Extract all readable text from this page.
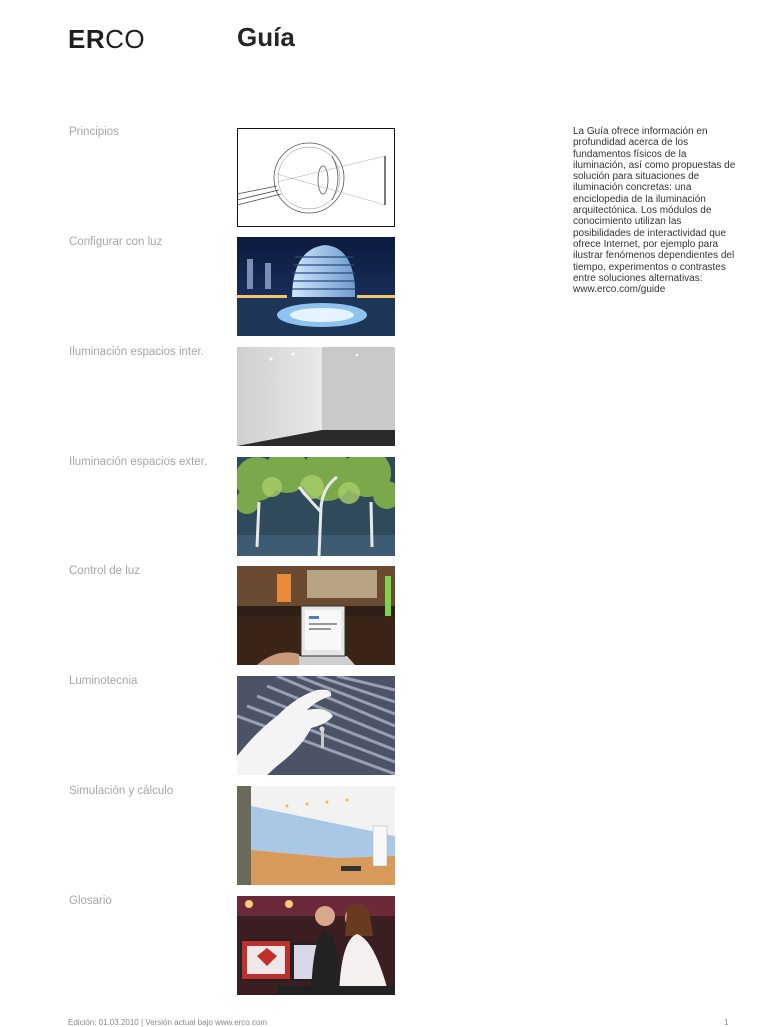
ERCO	Guía
La Guía ofrece información en profundidad acerca de los fundamentos físicos de la iluminación, así como propuestas de solución para situaciones de iluminación concretas: una enciclopedia de la iluminación arquitectónica. Los módulos de conocimiento utilizan las posibilidades de interactividad que ofrece Internet, por ejemplo para ilustrar fenómenos dependientes del tiempo, experimentos o contrastes entre soluciones alternativas: www.erco.com/guide
Principios
Configurar con luz
Iluminación espacios inter.
Iluminación espacios exter.
Control de luz
Luminotecnia
Simulación y cálculo
Glosario
Edición: 01.03.2010 | Versión actual bajo www.erco.com	1
